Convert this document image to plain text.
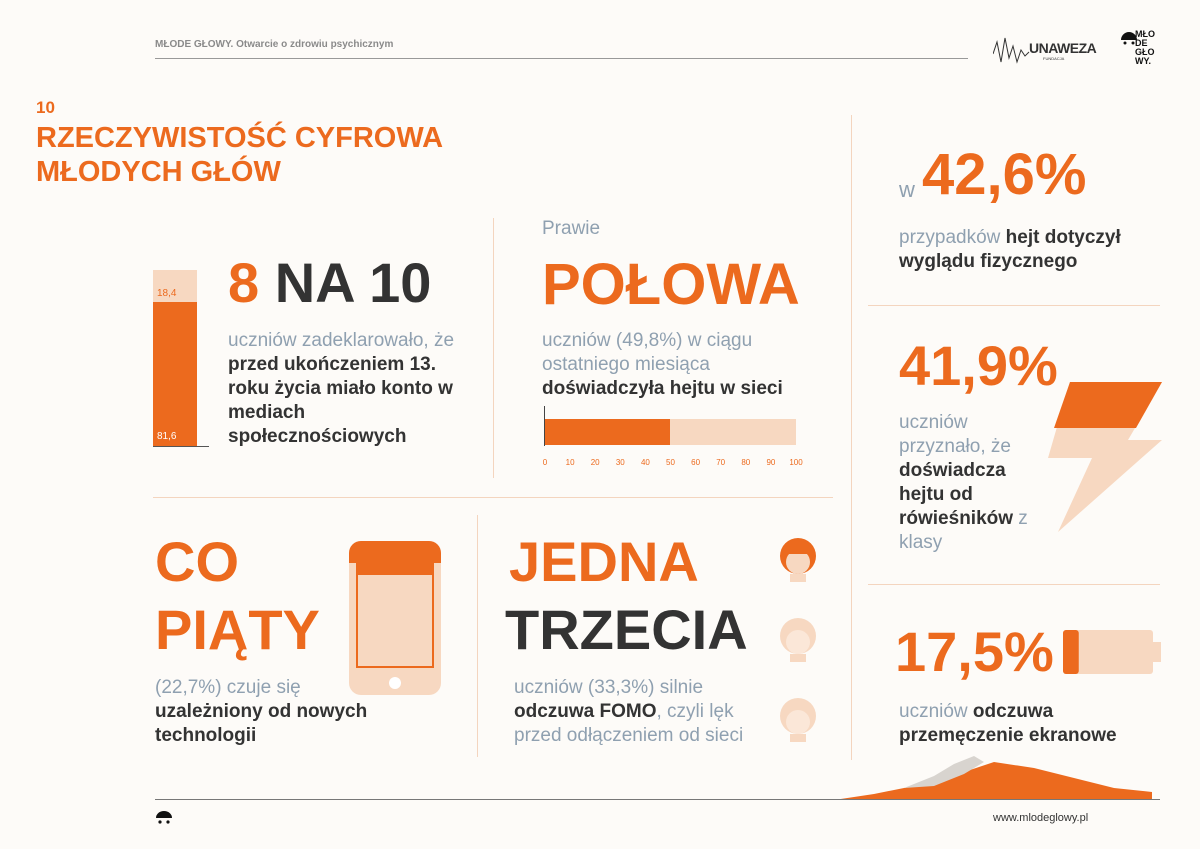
MŁODE GŁOWY. Otwarcie o zdrowiu psychicznym	UNAWEZA
FUNDACJA
MŁO DE GŁO WY.
10
RZECZYWISTOŚĆ CYFROWA MŁODYCH GŁÓW
18,4
81,6
8 NA 10
uczniów zadeklarowało, że przed ukończeniem 13. roku życia miało konto w mediach społecznościowych
Prawie
POŁOWA
uczniów (49,8%) w ciągu ostatniego miesiąca doświadczyła hejtu w sieci
0 10 20 30 40 50 60 70 80 90 100
CO
PIĄTY
(22,7%) czuje się uzależniony od nowych technologii
JEDNA
TRZECIA
uczniów (33,3%) silnie odczuwa FOMO, czyli lęk przed odłączeniem od sieci
w 42,6%
przypadków hejt dotyczył wyglądu fizycznego
41,9%
uczniów przyznało, że doświadcza hejtu od rówieśników z klasy
17,5%
uczniów odczuwa przemęczenie ekranowe
www.mlodeglowy.pl
